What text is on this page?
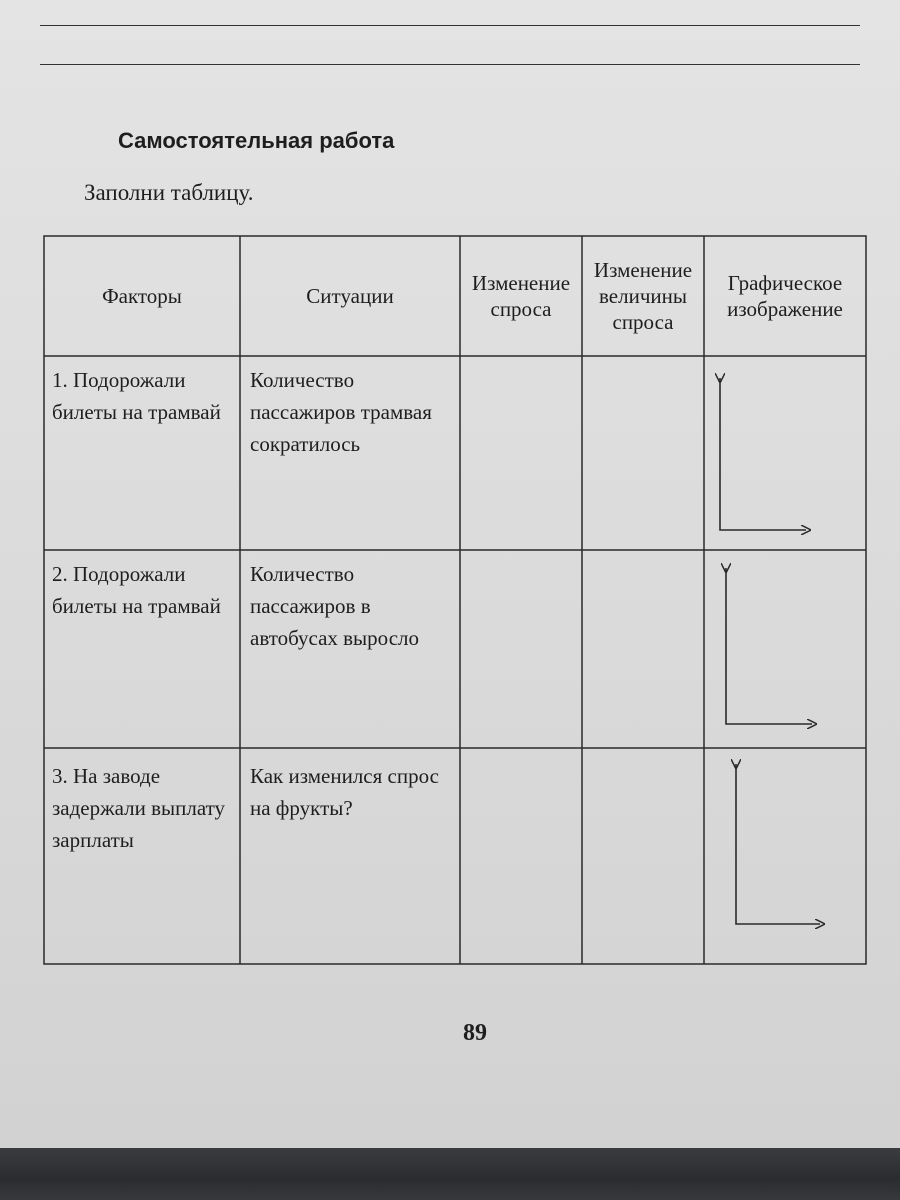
Самостоятельная работа
Заполни таблицу.
Факторы	Ситуации
Изменение спроса
Изменение величины спроса
Графическое изображение
1. Подорожали билеты на трамвай
Количество пассажиров трамвая сократилось
2. Подорожали билеты на трамвай
Количество пассажиров в автобусах выросло
3. На заводе задержали выплату зарплаты
Как изменился спрос на фрукты?
89
